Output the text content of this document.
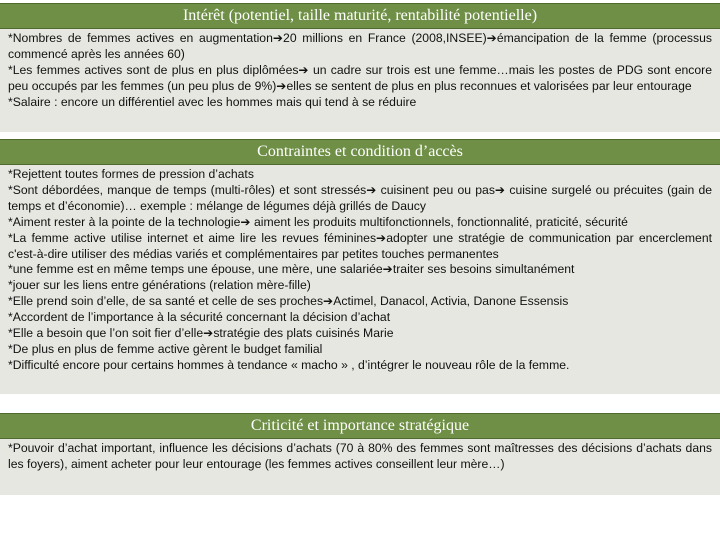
Intérêt (potentiel, taille maturité, rentabilité potentielle)

*Nombres de femmes actives en augmentation➔20 millions en France (2008,INSEE)➔émancipation de la femme (processus commencé après les années 60)

*Les femmes actives sont de plus en plus diplômées➔ un cadre sur trois est une femme…mais les postes de PDG sont encore peu occupés par les femmes (un peu plus de 9%)➔elles se sentent de plus en plus reconnues et valorisées par leur entourage

*Salaire : encore un différentiel avec les hommes mais qui tend à se réduire

Contraintes et condition d’accès

*Rejettent toutes formes de pression d’achats

*Sont débordées, manque de temps (multi-rôles) et sont stressés➔ cuisinent peu ou pas➔ cuisine surgelé ou précuites (gain de temps et d’économie)… exemple : mélange de légumes déjà grillés de Daucy

*Aiment rester à la pointe de la technologie➔ aiment les produits multifonctionnels, fonctionnalité, praticité, sécurité

*La femme active utilise internet et aime lire les revues féminines➔adopter une stratégie de communication par encerclement c'est-à-dire utiliser des médias variés et complémentaires par petites touches permanentes

*une femme est en même temps une épouse, une mère, une salariée➔traiter ses besoins simultanément

*jouer sur les liens entre générations (relation mère-fille)

*Elle prend soin d’elle, de sa santé et celle de ses proches➔Actimel, Danacol, Activia, Danone Essensis

*Accordent de l’importance à la sécurité concernant la décision d’achat

*Elle a besoin que l’on soit fier d’elle➔stratégie des plats cuisinés Marie

*De plus en plus de femme active gèrent le budget familial

*Difficulté encore pour certains hommes à tendance « macho » , d’intégrer le nouveau rôle de la femme.

Criticité et importance stratégique

*Pouvoir d’achat important, influence les décisions d’achats (70 à 80% des femmes sont maîtresses des décisions d’achats dans les foyers), aiment acheter pour leur entourage (les femmes actives conseillent leur mère…)
